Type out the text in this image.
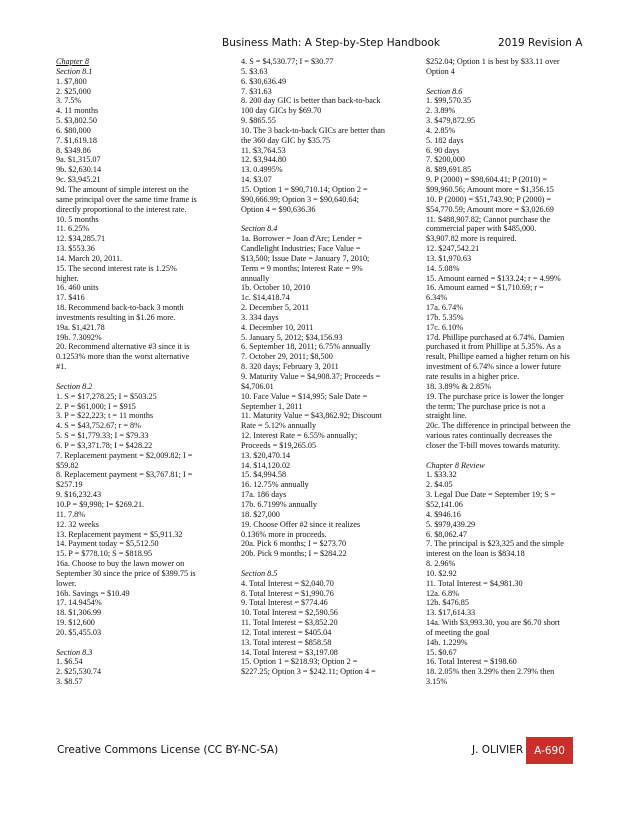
Business Math: A Step-by-Step Handbook	2019 Revision A
Chapter 8
Section 8.1
1. $7,800
2. $25,000
3. 7.5%
4. 11 months
5. $3,802.50
6. $80,000
7. $1,619.18
8. $349.86
9a. $1,315.07
9b. $2,630.14
9c. $3,945.21
9d. The amount of simple interest on the
same principal over the same time frame is
directly proportional to the interest rate.
10. 5 months
11. 6.25%
12. $34,285.71
13. $553.36
14. March 20, 2011.
15. The second interest rate is 1.25%
higher.
16. 460 units
17. $416
18. Recommend back-to-back 3 month
investments resulting in $1.26 more.
19a. $1,421.78
19b. 7.3092%
20. Recommend alternative #3 since it is
0.1253% more than the worst alternative
#1.
Section 8.2
1. S = $17,278.25; I = $503.25
2. P = $61,000; I = $915
3. P = $22,223; t = 11 months
4. S = $43,752.67; r = 8%
5. S = $1,779.33; I = $79.33
6. P = $3,371.78; I = $428.22
7. Replacement payment = $2,009.82; I =
$59.82
8. Replacement payment = $3,767.81; I =
$257.19
9. $16,232.43
10.P = $9,998; I= $269.21.
11. 7.8%
12. 32 weeks
13. Replacement payment = $5,911.32
14. Payment today = $5,512.50
15. P = $778.10; S = $818.95
16a. Choose to buy the lawn mower on
September 30 since the price of $399.75 is
lower.
16b. Savings = $10.49
17. 14.9454%
18. $1,306.99
19. $12,600
20. $5,455.03
Section 8.3
1. $6.54
2. $25,530.74
3. $8.57
4. S = $4,530.77; I = $30.77
5. $3.63
6. $30,636.49
7. $31.63
8. 200 day GIC is better than back-to-back
100 day GICs by $69.70
9. $865.55
10. The 3 back-to-back GICs are better than
the 360 day GIC by $35.75
11. $3,764.53
12. $3,944.80
13. 0.4995%
14. $3.07
15. Option 1 = $90,710.14; Option 2 =
$90,666.99; Option 3 = $90,640.64;
Option 4 = $90,636.36
Section 8.4
1a. Borrower = Joan d'Arc; Lender =
Candlelight Industries; Face Value =
$13,500; Issue Date = January 7, 2010;
Term = 9 months; Interest Rate = 9%
annually
1b. October 10, 2010
1c. $14,418.74
2. December 5, 2011
3. 334 days
4. December 10, 2011
5. January 5, 2012; $34,156.93
6. September 18, 2011; 6.75% annually
7. October 29, 2011; $8,500
8. 320 days; February 3, 2011
9. Maturity Value = $4,908.37; Proceeds =
$4,706.01
10. Face Value = $14,995; Sale Date =
September 1, 2011
11. Maturity Value = $43,862.92; Discount
Rate = 5.12% annually
12. Interest Rate = 6.55% annually;
Proceeds = $19,265.05
13. $20,470.14
14. $14,120.02
15. $4,994.58
16. 12.75% annually
17a. 186 days
17b. 6.7199% annually
18. $27,000
19. Choose Offer #2 since it realizes
0.136% more in proceeds.
20a. Pick 6 months; I = $273.70
20b. Pick 9 months; I = $284.22
Section 8.5
4. Total Interest = $2,040.70
8. Total Interest = $1,990.76
9. Total Interest = $774.46
10. Total Interest = $2,590.56
11. Total Interest = $3,852.20
12. Total interest = $405.04
13. Total interest = $858.58
14. Total Interest = $3,197.08
15. Option 1 = $218.93; Option 2 =
$227.25; Option 3 = $242.11; Option 4 =
$252.04; Option 1 is best by $33.11 over
Option 4
Section 8.6
1. $99,570.35
2. 3.89%
3. $479,872.95
4. 2.85%
5. 182 days
6. 90 days
7. $200,000
8. $89,691.85
9. P (2000) = $98,604.41; P (2010) =
$99,960.56; Amount more = $1,356.15
10. P (2000) = $51,743.90; P (2000) =
$54,770.59; Amount more = $3,026.69
11. $488,907.82; Cannot purchase the
commercial paper with $485,000.
$3,907.82 more is required.
12. $247,542.21
13. $1,970.63
14. 5.08%
15. Amount earned = $133.24; r = 4.99%
16. Amount earned = $1,710.69; r =
6.34%
17a. 6.74%
17b. 5.35%
17c. 6.10%
17d. Phillipe purchased at 6.74%. Damien
purchased it from Phillipe at 5.35%. As a
result, Phillipe earned a higher return on his
investment of 6.74% since a lower future
rate results in a higher price.
18. 3.89% & 2.85%
19. The purchase price is lower the longer
the term; The purchase price is not a
straight line.
20c. The difference in principal between the
various rates continually decreases the
closer the T-bill moves towards maturity.
Chapter 8 Review
1. $33.32
2. $4.05
3. Legal Due Date = September 19; S =
$52,141.06
4. $946.16
5. $979,439.29
6. $8,062.47
7. The principal is $23,325 and the simple
interest on the loan is $834.18
8. 2.96%
10. $2.92
11. Total Interest = $4,981.30
12a. 6.8%
12b. $476.85
13. $17,614.33
14a. With $3,993.30, you are $6.70 short
of meeting the goal
14b. 1.229%
15. $0.67
16. Total Interest = $198.60
18. 2.05% then 3.29% then 2.79% then
3.15%
Creative Commons License (CC BY-NC-SA)	J. OLIVIER	A-690
